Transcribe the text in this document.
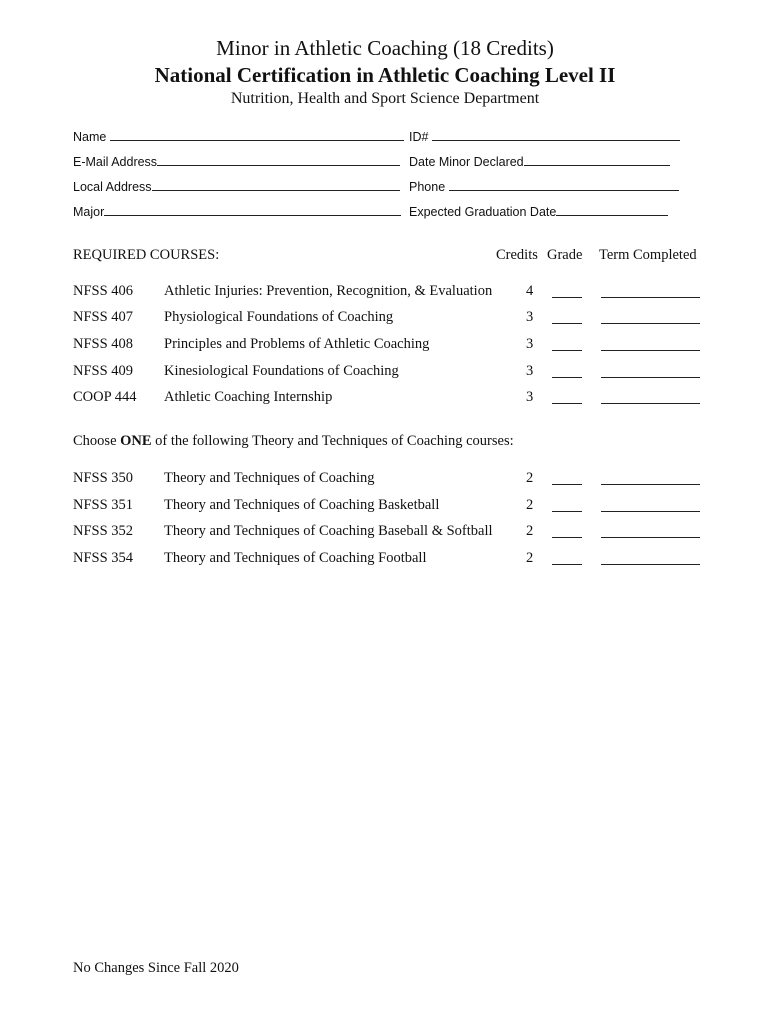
Minor in Athletic Coaching (18 Credits)
National Certification in Athletic Coaching Level II
Nutrition, Health and Sport Science Department
Name	ID#
E-Mail Address	Date Minor Declared
Local Address	Phone
Major	Expected Graduation Date
REQUIRED COURSES:	Credits Grade Term Completed
NFSS 406 Athletic Injuries: Prevention, Recognition, & Evaluation 4
NFSS 407 Physiological Foundations of Coaching	3
NFSS 408 Principles and Problems of Athletic Coaching	3
NFSS 409 Kinesiological Foundations of Coaching	3
COOP 444 Athletic Coaching Internship	3
Choose ONE of the following Theory and Techniques of Coaching courses:
NFSS 350 Theory and Techniques of Coaching	2
NFSS 351 Theory and Techniques of Coaching Basketball	2
NFSS 352 Theory and Techniques of Coaching Baseball & Softball 2
NFSS 354 Theory and Techniques of Coaching Football	2
No Changes Since Fall 2020
